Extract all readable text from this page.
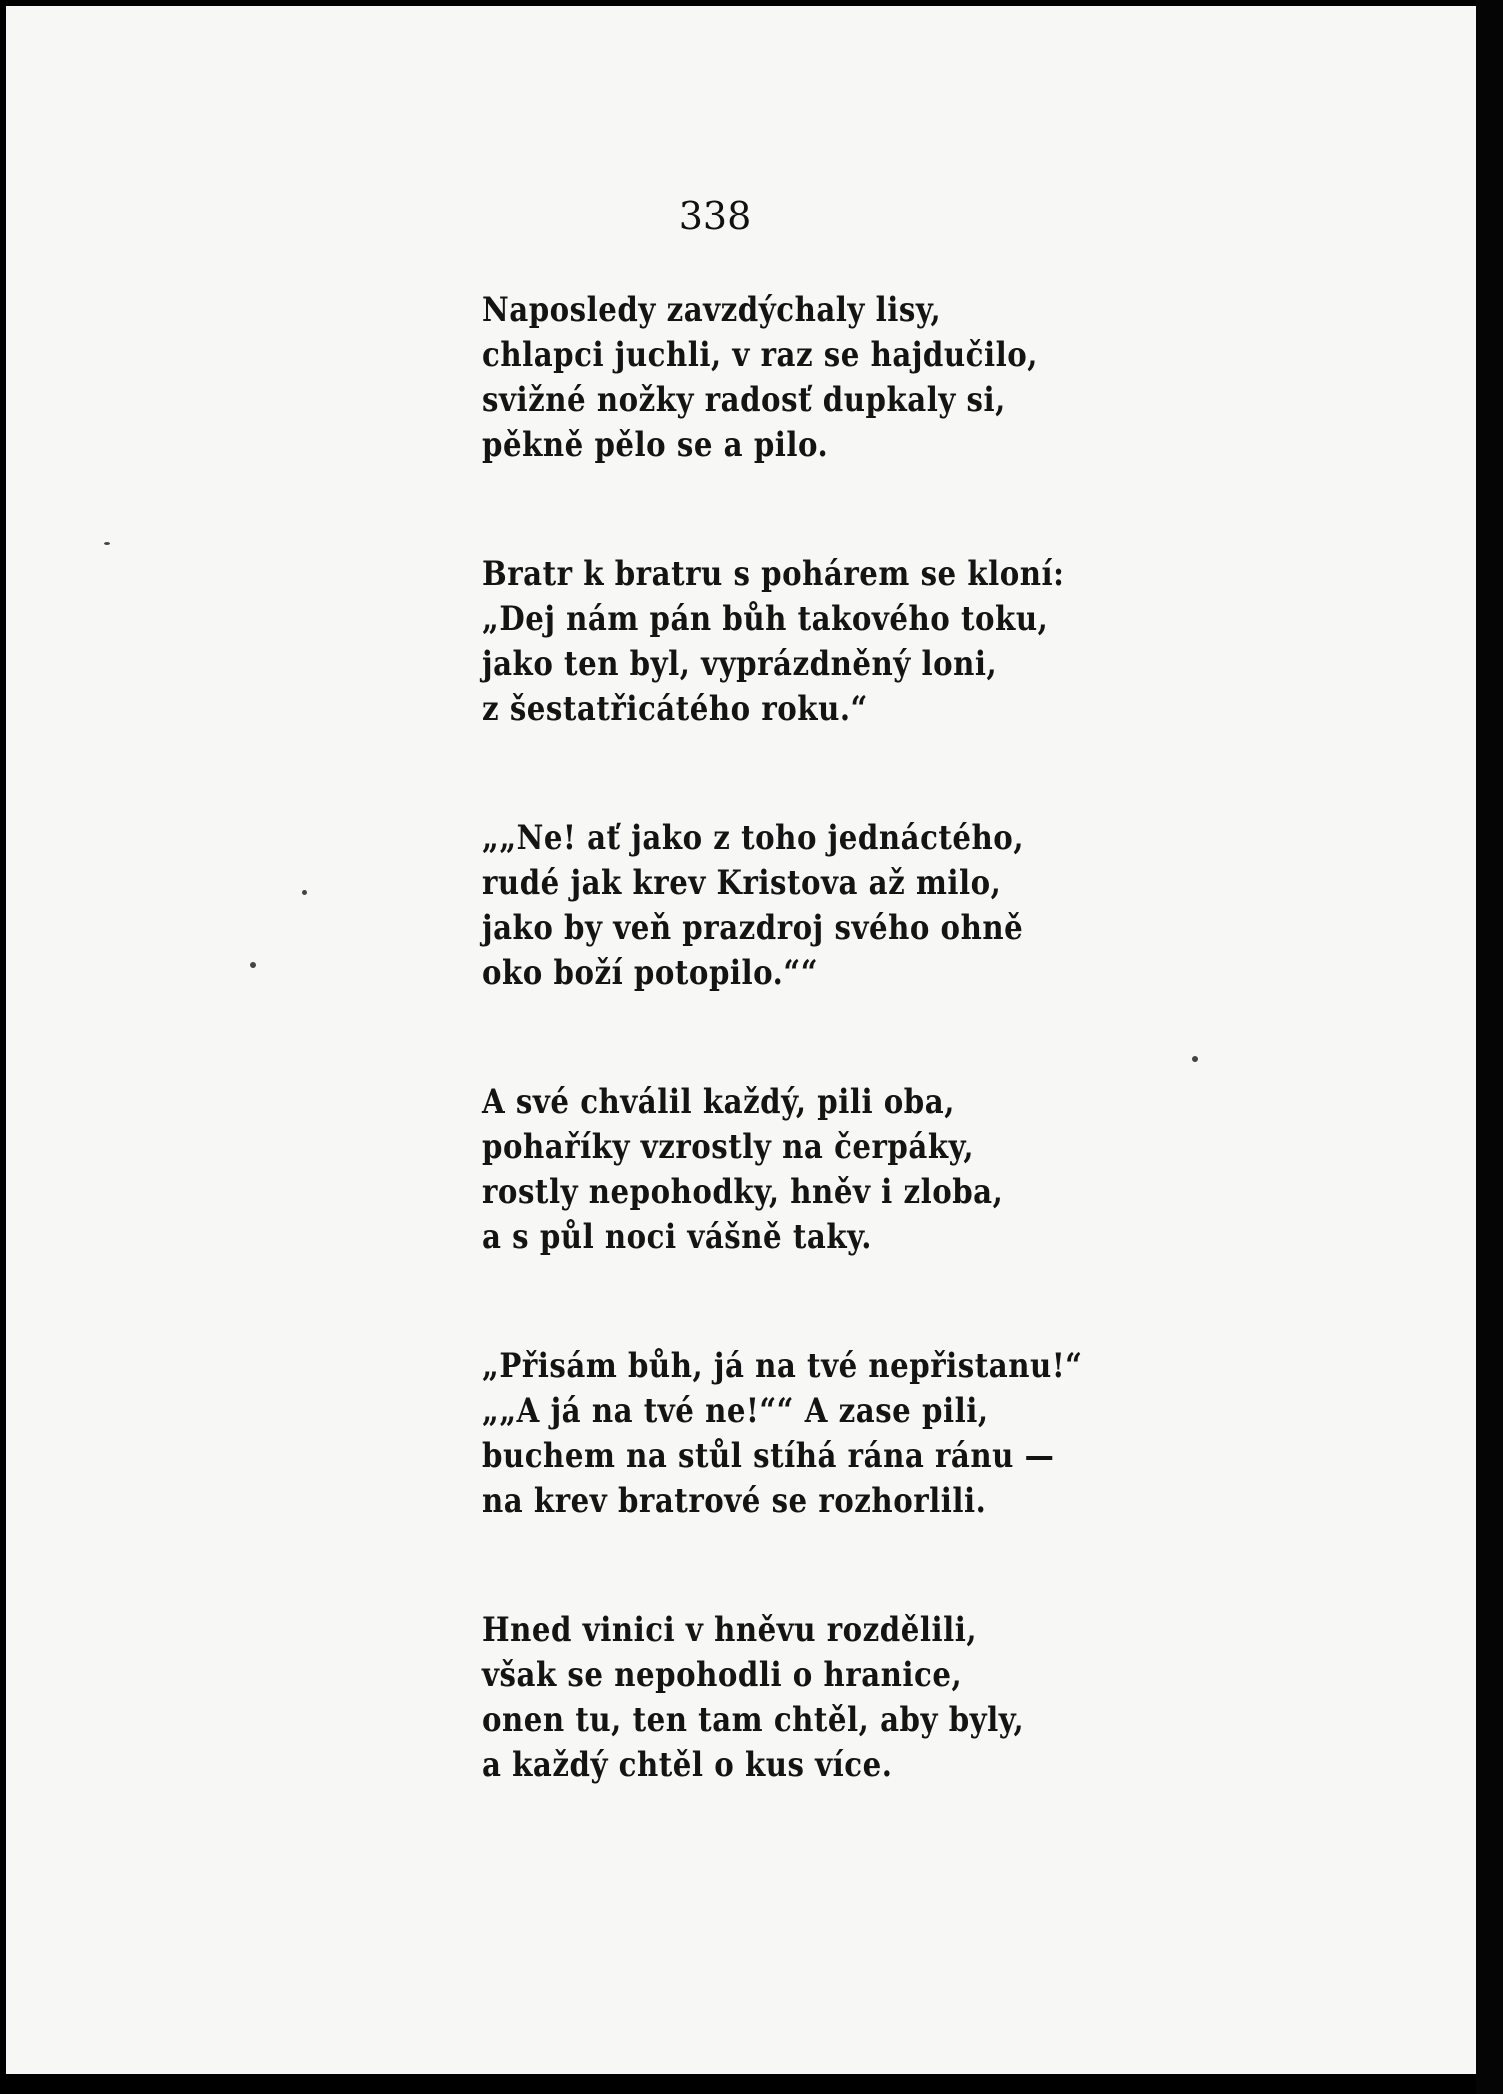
338
Naposledy zavzdýchaly lisy,
chlapci juchli, v raz se hajdučilo,
svižné nožky radosť dupkaly si,
pěkně pělo se a pilo.
Bratr k bratru s pohárem se kloní:
„Dej nám pán bůh takového toku,
jako ten byl, vyprázdněný loni,
z šestatřicátého roku.“
„„Ne! ať jako z toho jednáctého,
rudé jak krev Kristova až milo,
jako by veň prazdroj svého ohně
oko boží potopilo.““
A své chválil každý, pili oba,
pohaříky vzrostly na čerpáky,
rostly nepohodky, hněv i zloba,
a s půl noci vášně taky.
„Přisám bůh, já na tvé nepřistanu!“
„„A já na tvé ne!““ A zase pili,
buchem na stůl stíhá rána ránu —
na krev bratrové se rozhorlili.
Hned vinici v hněvu rozdělili,
však se nepohodli o hranice,
onen tu, ten tam chtěl, aby byly,
a každý chtěl o kus více.
